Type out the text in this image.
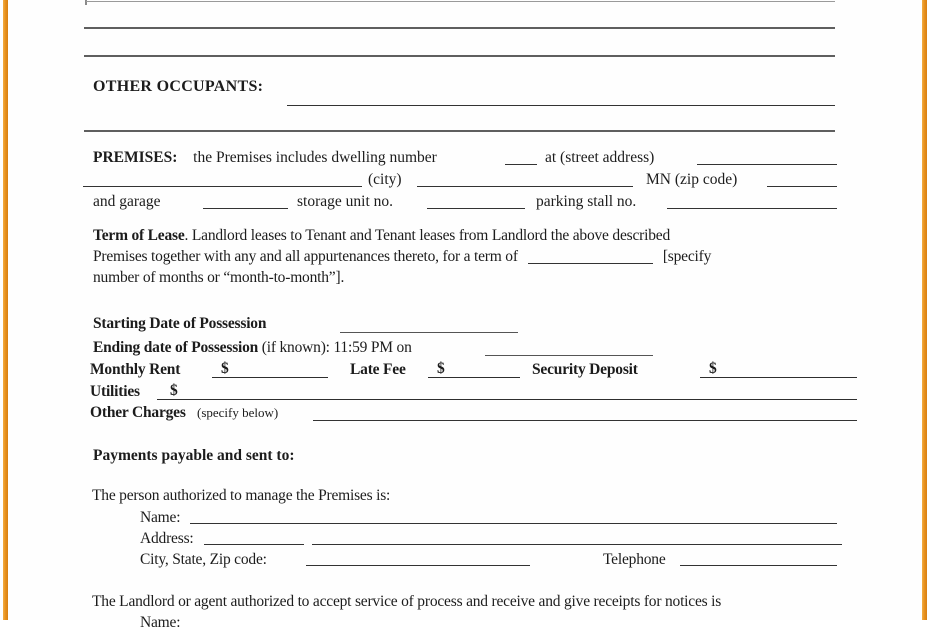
OTHER OCCUPANTS:
PREMISES: the Premises includes dwelling number	at (street address)
(city)	MN (zip code)
and garage	storage unit no.	parking stall no.
Term of Lease. Landlord leases to Tenant and Tenant leases from Landlord the above described
Premises together with any and all appurtenances thereto, for a term of	[specify
number of months or “month-to-month”].
Starting Date of Possession
Ending date of Possession (if known): 11:59 PM on
Monthly Rent	$	Late Fee	$	Security Deposit	$
Utilities	$
Other Charges (specify below)
Payments payable and sent to:
The person authorized to manage the Premises is:
Name:
Address:
City, State, Zip code:	Telephone
The Landlord or agent authorized to accept service of process and receive and give receipts for notices is
Name:
